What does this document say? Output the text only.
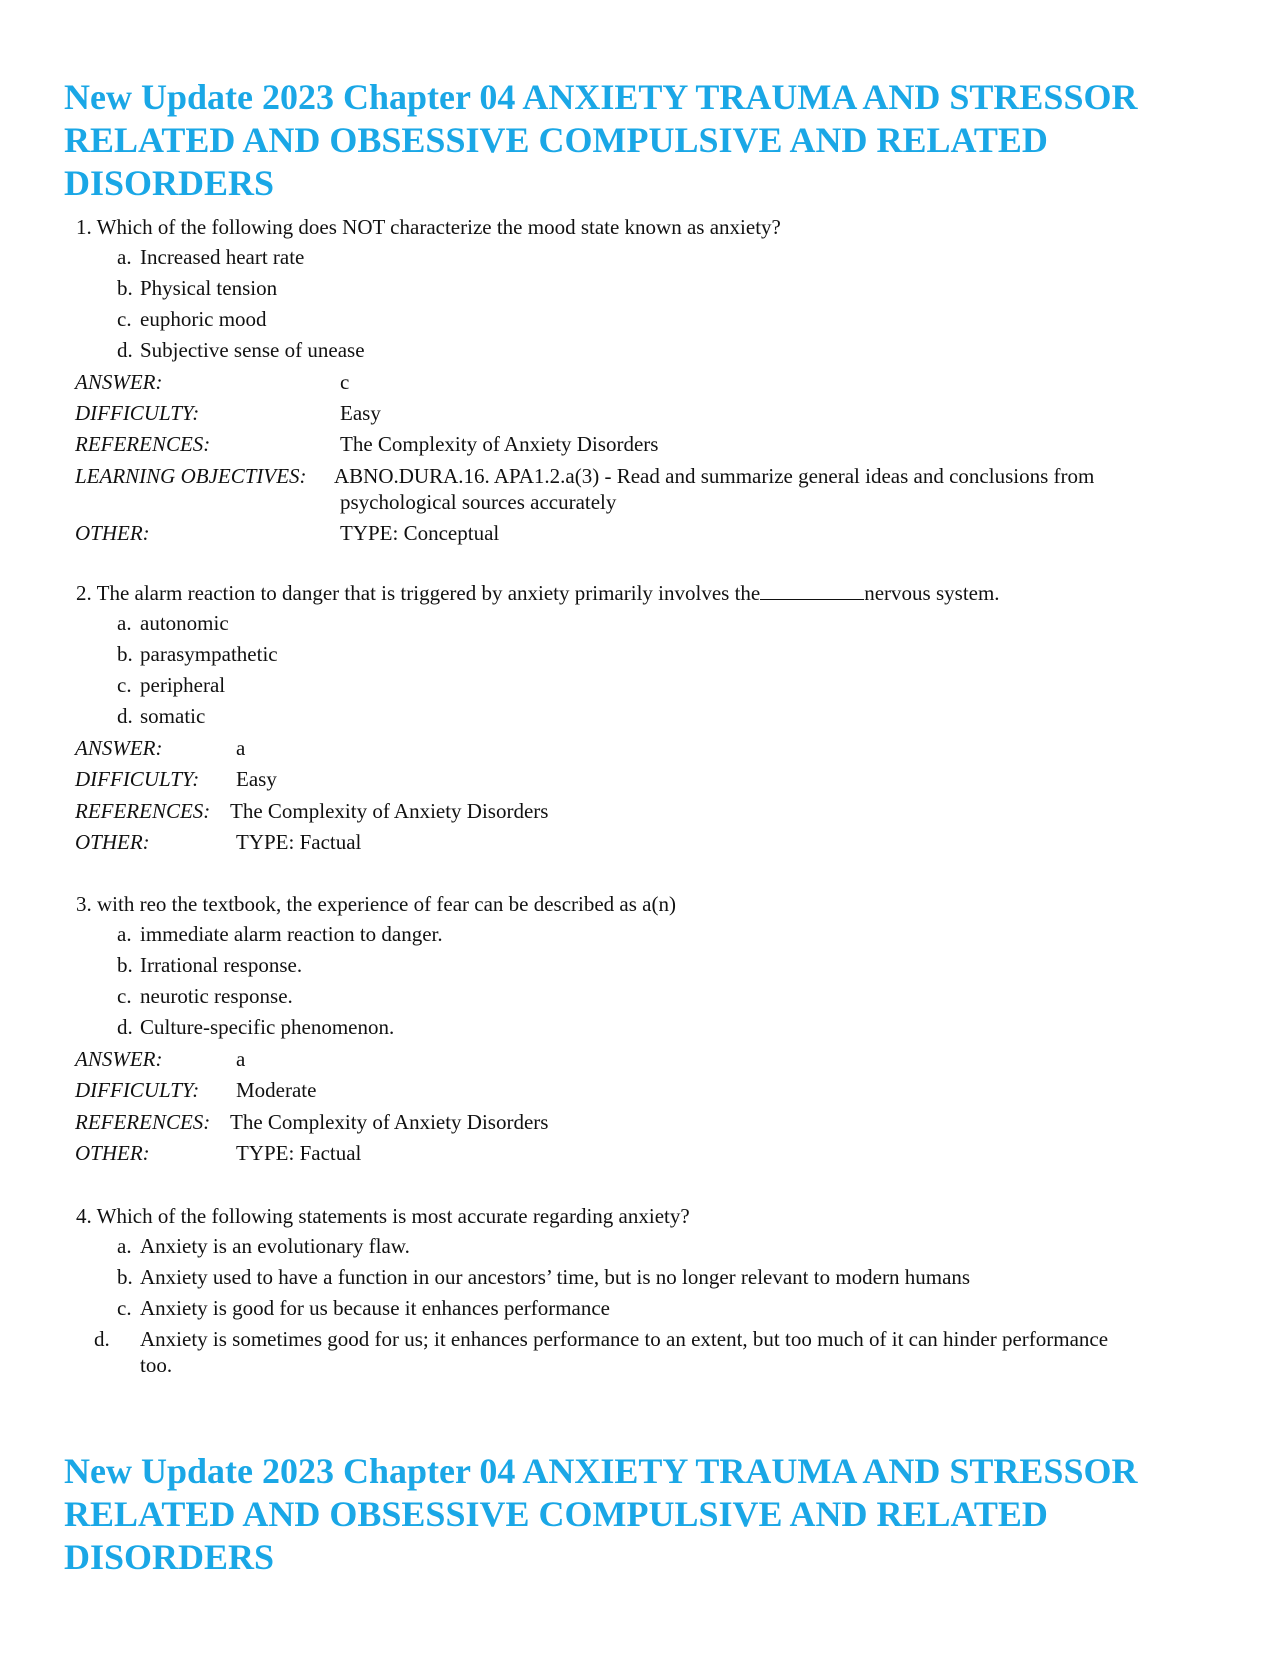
New Update 2023 Chapter 04 ANXIETY TRAUMA AND STRESSOR RELATED AND OBSESSIVE COMPULSIVE AND RELATED DISORDERS
1. Which of the following does NOT characterize the mood state known as anxiety?
a. Increased heart rate
b. Physical tension
c. euphoric mood
d. Subjective sense of unease
ANSWER:	c
DIFFICULTY:	Easy
REFERENCES:	The Complexity of Anxiety Disorders
LEARNING OBJECTIVES: ABNO.DURA.16. APA1.2.a(3) - Read and summarize general ideas and conclusions from psychological sources accurately
OTHER:	TYPE: Conceptual
2. The alarm reaction to danger that is triggered by anxiety primarily involves the	nervous system.
a. autonomic
b. parasympathetic
c. peripheral
d. somatic
ANSWER:	a
DIFFICULTY: Easy
REFERENCES: The Complexity of Anxiety Disorders
OTHER:	TYPE: Factual
3. with reo the textbook, the experience of fear can be described as a(n)
a. immediate alarm reaction to danger.
b. Irrational response.
c. neurotic response.
d. Culture-specific phenomenon.
ANSWER:	a
DIFFICULTY: Moderate
REFERENCES: The Complexity of Anxiety Disorders
OTHER:	TYPE: Factual
4. Which of the following statements is most accurate regarding anxiety?
a. Anxiety is an evolutionary flaw.
b. Anxiety used to have a function in our ancestors’ time, but is no longer relevant to modern humans
c. Anxiety is good for us because it enhances performance
d. Anxiety is sometimes good for us; it enhances performance to an extent, but too much of it can hinder performance too.
New Update 2023 Chapter 04 ANXIETY TRAUMA AND STRESSOR RELATED AND OBSESSIVE COMPULSIVE AND RELATED DISORDERS
